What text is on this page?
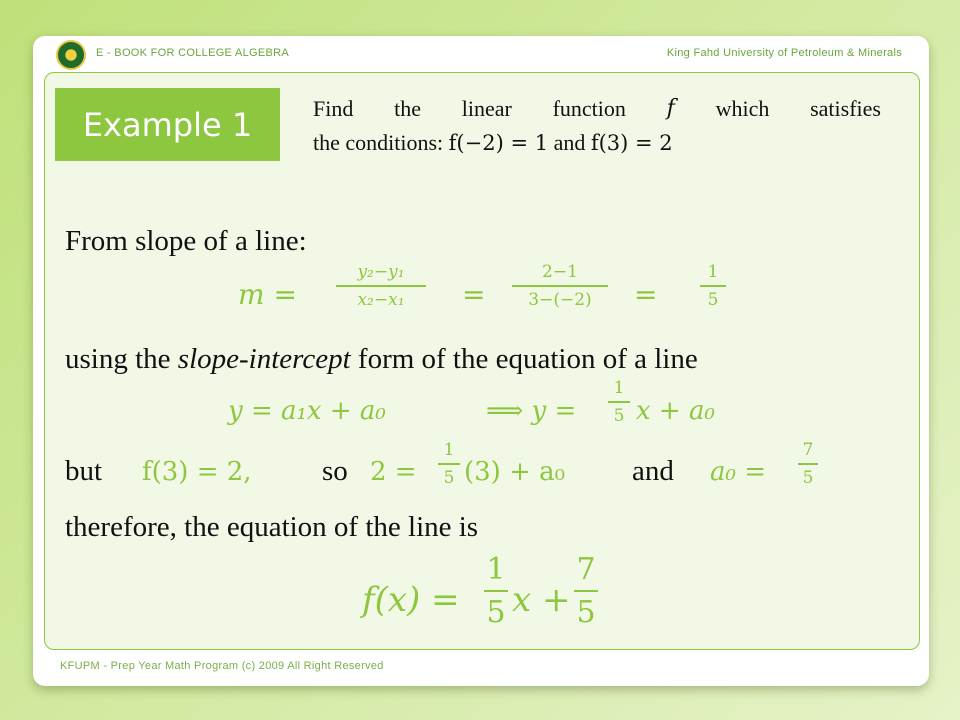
E - BOOK FOR COLLEGE ALGEBRA	King Fahd University of Petroleum & Minerals
Example 1	Find the linear function f which satisfies
the conditions: f(−2) = 1 and f(3) = 2
From slope of a line:
m =
y₂−y₁
x₂−x₁	=
2−1
3−(−2)	=
1
5
using the slope-intercept form of the equation of a line
y = a₁x + a₀	⟹ y =
1
5 x + a₀
but f(3) = 2, so 2 =
1
5 (3) + a₀ and a₀ =
7
5
therefore, the equation of the line is
f(x) =
1
5 x +
7
5
KFUPM - Prep Year Math Program (c) 2009 All Right Reserved
